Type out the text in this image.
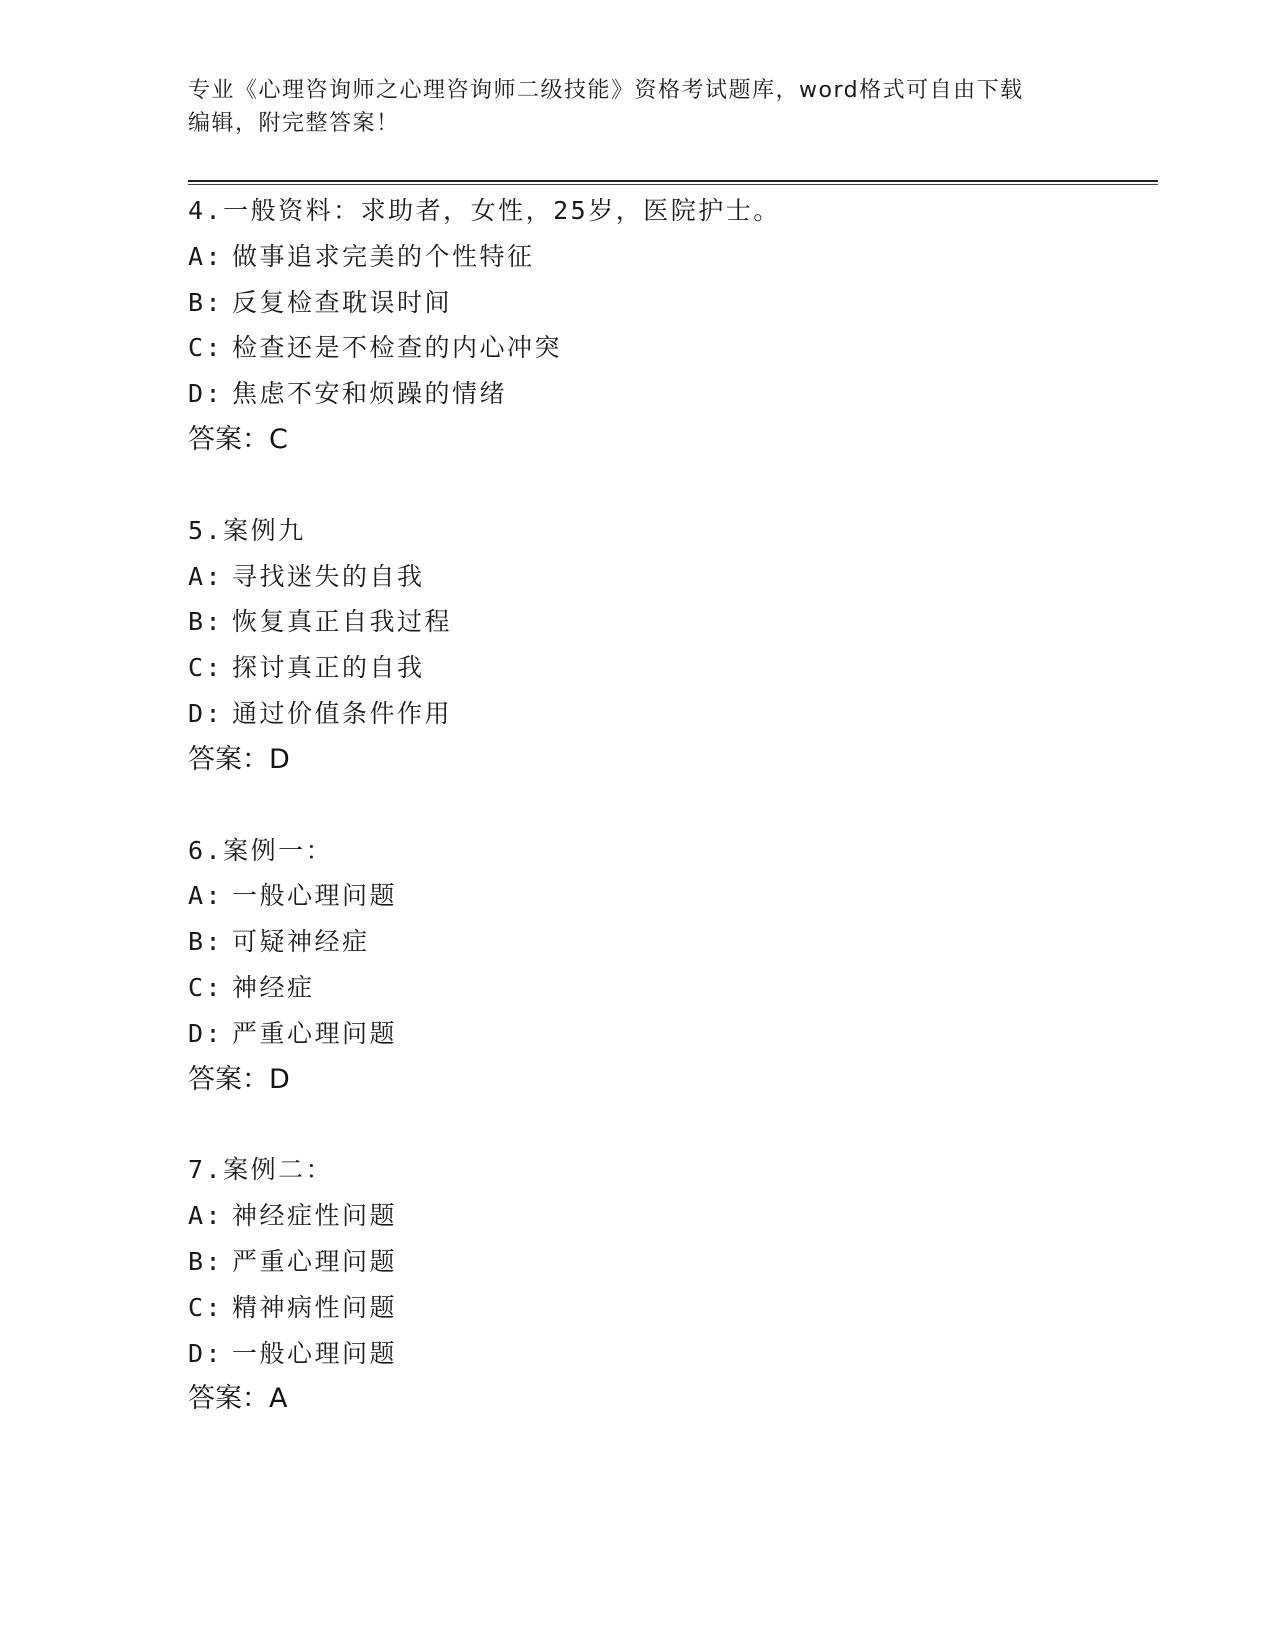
专业《心理咨询师之心理咨询师二级技能》资格考试题库，word格式可自由下载
编辑，附完整答案！
4.一般资料：求助者，女性，25岁，医院护士。
A: 做事追求完美的个性特征
B: 反复检查耽误时间
C: 检查还是不检查的内心冲突
D: 焦虑不安和烦躁的情绪
答案：C
5.案例九
A: 寻找迷失的自我
B: 恢复真正自我过程
C: 探讨真正的自我
D: 通过价值条件作用
答案：D
6.案例一：
A: 一般心理问题
B: 可疑神经症
C: 神经症
D: 严重心理问题
答案：D
7.案例二：
A: 神经症性问题
B: 严重心理问题
C: 精神病性问题
D: 一般心理问题
答案：A
